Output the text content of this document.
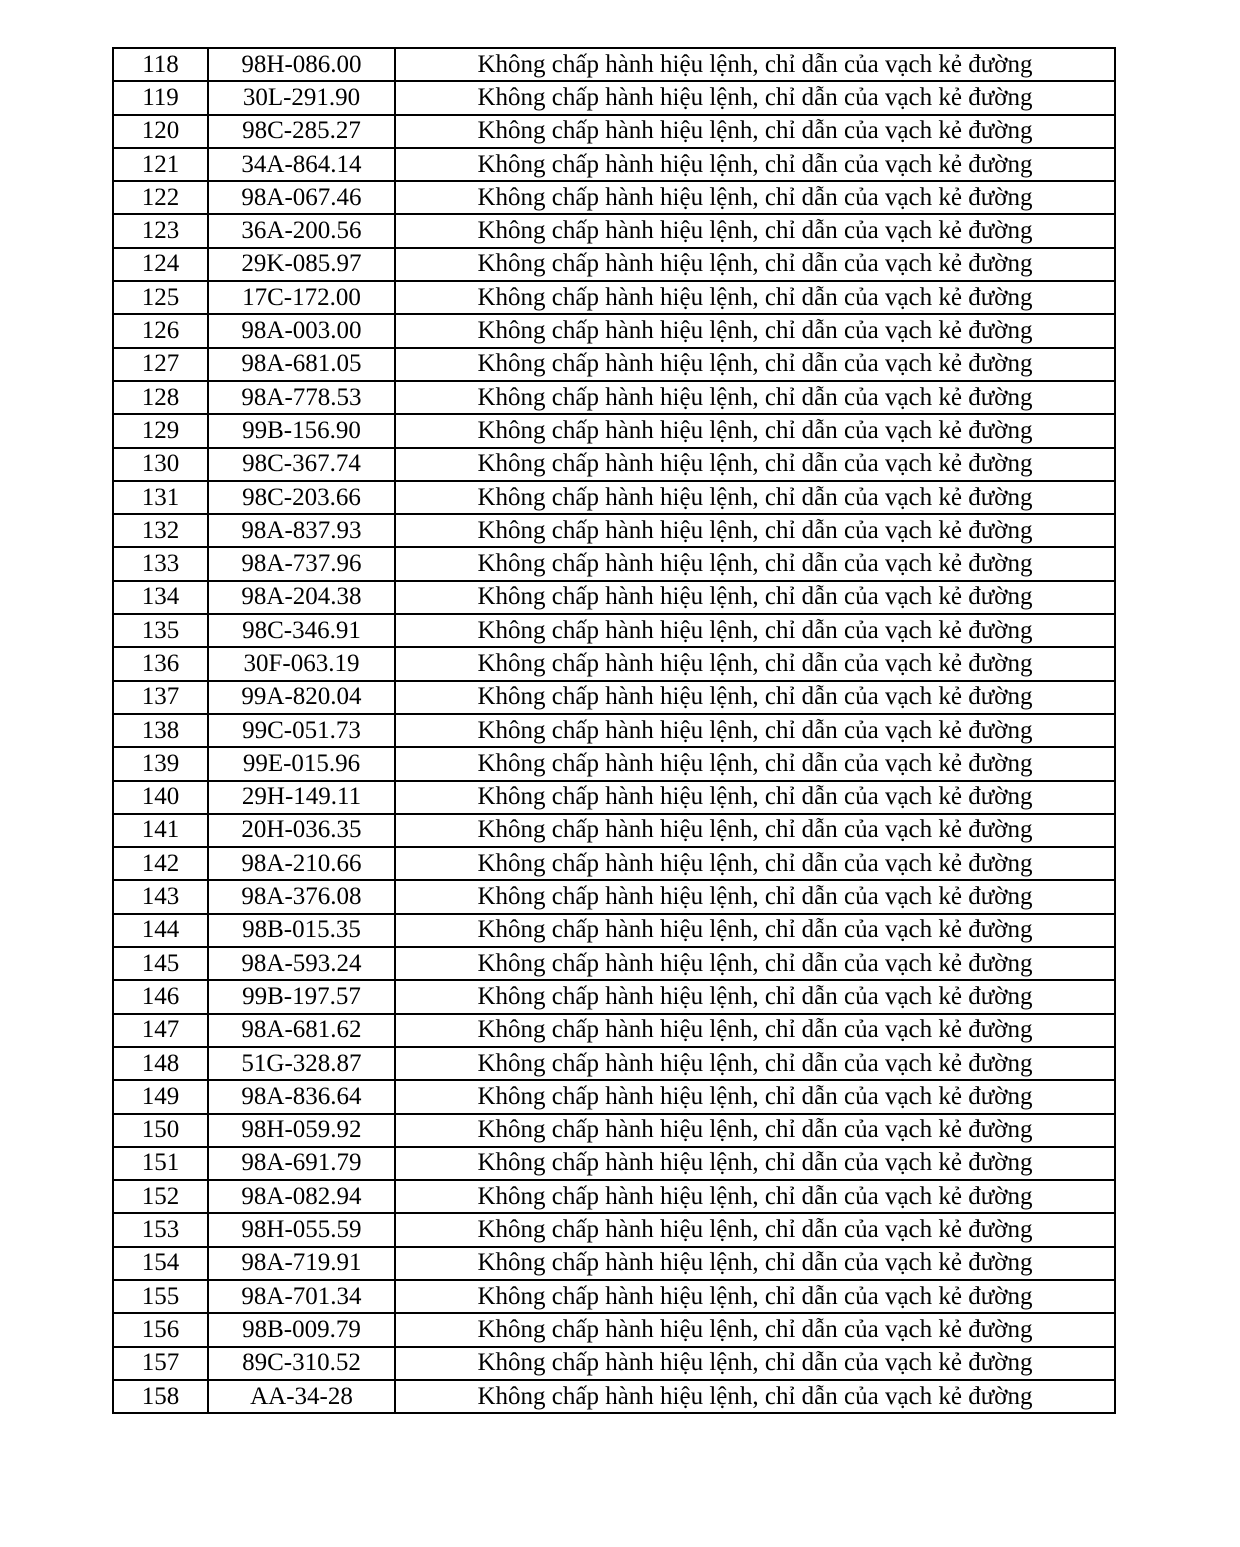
118	98H-086.00	Không chấp hành hiệu lệnh, chỉ dẫn của vạch kẻ đường
119	30L-291.90	Không chấp hành hiệu lệnh, chỉ dẫn của vạch kẻ đường
120	98C-285.27	Không chấp hành hiệu lệnh, chỉ dẫn của vạch kẻ đường
121	34A-864.14	Không chấp hành hiệu lệnh, chỉ dẫn của vạch kẻ đường
122	98A-067.46	Không chấp hành hiệu lệnh, chỉ dẫn của vạch kẻ đường
123	36A-200.56	Không chấp hành hiệu lệnh, chỉ dẫn của vạch kẻ đường
124	29K-085.97	Không chấp hành hiệu lệnh, chỉ dẫn của vạch kẻ đường
125	17C-172.00	Không chấp hành hiệu lệnh, chỉ dẫn của vạch kẻ đường
126	98A-003.00	Không chấp hành hiệu lệnh, chỉ dẫn của vạch kẻ đường
127	98A-681.05	Không chấp hành hiệu lệnh, chỉ dẫn của vạch kẻ đường
128	98A-778.53	Không chấp hành hiệu lệnh, chỉ dẫn của vạch kẻ đường
129	99B-156.90	Không chấp hành hiệu lệnh, chỉ dẫn của vạch kẻ đường
130	98C-367.74	Không chấp hành hiệu lệnh, chỉ dẫn của vạch kẻ đường
131	98C-203.66	Không chấp hành hiệu lệnh, chỉ dẫn của vạch kẻ đường
132	98A-837.93	Không chấp hành hiệu lệnh, chỉ dẫn của vạch kẻ đường
133	98A-737.96	Không chấp hành hiệu lệnh, chỉ dẫn của vạch kẻ đường
134	98A-204.38	Không chấp hành hiệu lệnh, chỉ dẫn của vạch kẻ đường
135	98C-346.91	Không chấp hành hiệu lệnh, chỉ dẫn của vạch kẻ đường
136	30F-063.19	Không chấp hành hiệu lệnh, chỉ dẫn của vạch kẻ đường
137	99A-820.04	Không chấp hành hiệu lệnh, chỉ dẫn của vạch kẻ đường
138	99C-051.73	Không chấp hành hiệu lệnh, chỉ dẫn của vạch kẻ đường
139	99E-015.96	Không chấp hành hiệu lệnh, chỉ dẫn của vạch kẻ đường
140	29H-149.11	Không chấp hành hiệu lệnh, chỉ dẫn của vạch kẻ đường
141	20H-036.35	Không chấp hành hiệu lệnh, chỉ dẫn của vạch kẻ đường
142	98A-210.66	Không chấp hành hiệu lệnh, chỉ dẫn của vạch kẻ đường
143	98A-376.08	Không chấp hành hiệu lệnh, chỉ dẫn của vạch kẻ đường
144	98B-015.35	Không chấp hành hiệu lệnh, chỉ dẫn của vạch kẻ đường
145	98A-593.24	Không chấp hành hiệu lệnh, chỉ dẫn của vạch kẻ đường
146	99B-197.57	Không chấp hành hiệu lệnh, chỉ dẫn của vạch kẻ đường
147	98A-681.62	Không chấp hành hiệu lệnh, chỉ dẫn của vạch kẻ đường
148	51G-328.87	Không chấp hành hiệu lệnh, chỉ dẫn của vạch kẻ đường
149	98A-836.64	Không chấp hành hiệu lệnh, chỉ dẫn của vạch kẻ đường
150	98H-059.92	Không chấp hành hiệu lệnh, chỉ dẫn của vạch kẻ đường
151	98A-691.79	Không chấp hành hiệu lệnh, chỉ dẫn của vạch kẻ đường
152	98A-082.94	Không chấp hành hiệu lệnh, chỉ dẫn của vạch kẻ đường
153	98H-055.59	Không chấp hành hiệu lệnh, chỉ dẫn của vạch kẻ đường
154	98A-719.91	Không chấp hành hiệu lệnh, chỉ dẫn của vạch kẻ đường
155	98A-701.34	Không chấp hành hiệu lệnh, chỉ dẫn của vạch kẻ đường
156	98B-009.79	Không chấp hành hiệu lệnh, chỉ dẫn của vạch kẻ đường
157	89C-310.52	Không chấp hành hiệu lệnh, chỉ dẫn của vạch kẻ đường
158	AA-34-28	Không chấp hành hiệu lệnh, chỉ dẫn của vạch kẻ đường
